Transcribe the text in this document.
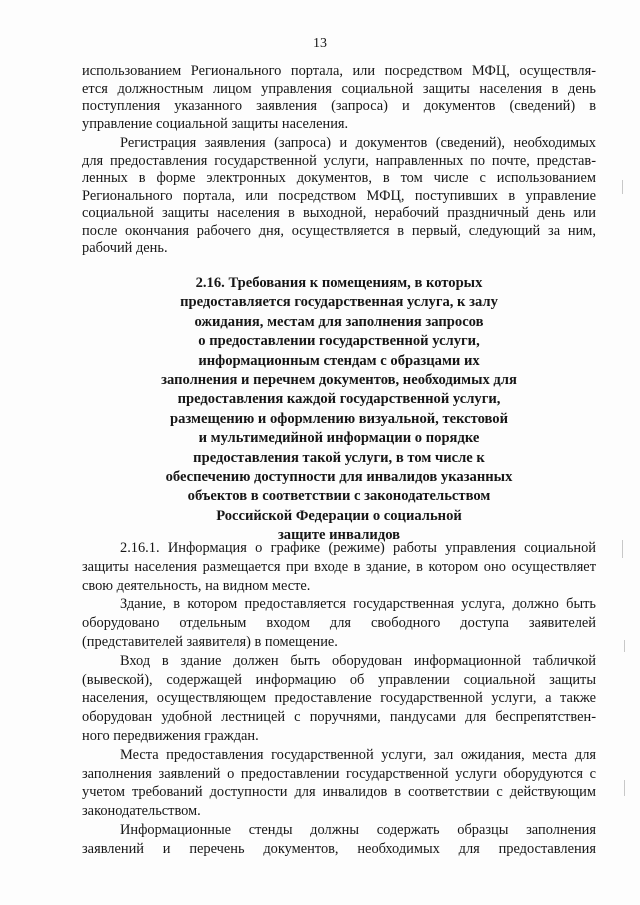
13
использованием Регионального портала, или посредством МФЦ, осуществля-
ется должностным лицом управления социальной защиты населения в день
поступления указанного заявления (запроса) и документов (сведений) в
управление социальной защиты населения.
Регистрация заявления (запроса) и документов (сведений), необходимых
для предоставления государственной услуги, направленных по почте, представ-
ленных в форме электронных документов, в том числе с использованием
Регионального портала, или посредством МФЦ, поступивших в управление
социальной защиты населения в выходной, нерабочий праздничный день или
после окончания рабочего дня, осуществляется в первый, следующий за ним,
рабочий день.
2.16. Требования к помещениям, в которых
предоставляется государственная услуга, к залу
ожидания, местам для заполнения запросов
о предоставлении государственной услуги,
информационным стендам с образцами их
заполнения и перечнем документов, необходимых для
предоставления каждой государственной услуги,
размещению и оформлению визуальной, текстовой
и мультимедийной информации о порядке
предоставления такой услуги, в том числе к
обеспечению доступности для инвалидов указанных
объектов в соответствии с законодательством
Российской Федерации о социальной
защите инвалидов
2.16.1. Информация о графике (режиме) работы управления социальной
защиты населения размещается при входе в здание, в котором оно осуществляет
свою деятельность, на видном месте.
Здание, в котором предоставляется государственная услуга, должно быть
оборудовано отдельным входом для свободного доступа заявителей
(представителей заявителя) в помещение.
Вход в здание должен быть оборудован информационной табличкой
(вывеской), содержащей информацию об управлении социальной защиты
населения, осуществляющем предоставление государственной услуги, а также
оборудован удобной лестницей с поручнями, пандусами для беспрепятствен-
ного передвижения граждан.
Места предоставления государственной услуги, зал ожидания, места для
заполнения заявлений о предоставлении государственной услуги оборудуются с
учетом требований доступности для инвалидов в соответствии с действующим
законодательством.
Информационные стенды должны содержать образцы заполнения
заявлений и перечень документов, необходимых для предоставления
